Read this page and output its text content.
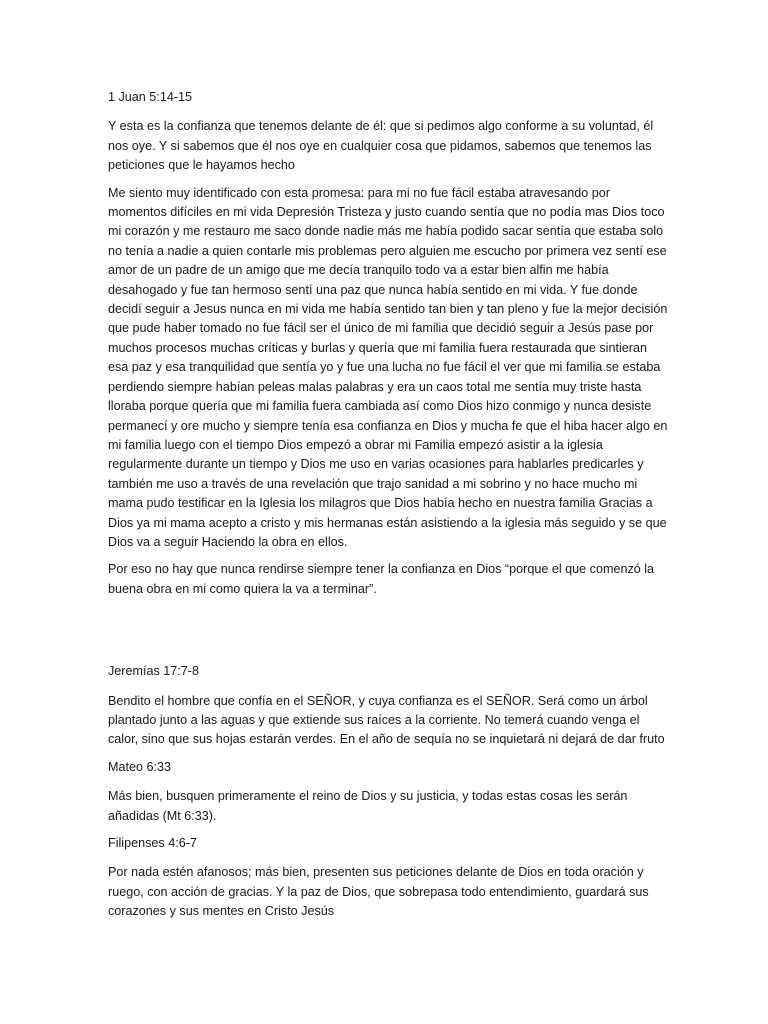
1 Juan 5:14-15

Y esta es la confianza que tenemos delante de él: que si pedimos algo conforme a su voluntad, él nos oye. Y si sabemos que él nos oye en cualquier cosa que pidamos, sabemos que tenemos las peticiones que le hayamos hecho

Me siento muy identificado con esta promesa: para mi no fue fácil estaba atravesando por momentos difíciles en mi vida Depresión Tristeza y justo cuando sentía que no podía mas Dios toco mi corazón y me restauro me saco donde nadie más me había podido sacar sentía que estaba solo no tenía a nadie a quien contarle mis problemas pero alguien me escucho por primera vez sentí ese amor de un padre de un amigo que me decía tranquilo todo va a estar bien alfin me había desahogado y fue tan hermoso sentí una paz que nunca había sentido en mi vida. Y fue donde decidí seguir a Jesus nunca en mi vida me había sentido tan bien y tan pleno y fue la mejor decisión que pude haber tomado no fue fácil ser el único de mi familia que decidió seguir a Jesús pase por muchos procesos muchas críticas y burlas y quería que mi familia fuera restaurada que sintieran esa paz y esa tranquilidad que sentía yo y fue una lucha no fue fácil el ver que mi familia se estaba perdiendo siempre habían peleas malas palabras y era un caos total me sentía muy triste hasta lloraba porque quería que mi familia fuera cambiada así como Dios hizo conmigo y nunca desiste permanecí y ore mucho y siempre tenía esa confianza en Dios y mucha fe que el hiba hacer algo en mi familia luego con el tiempo Dios empezó a obrar mi Familia empezó asistir a la iglesia regularmente durante un tiempo y Dios me uso en varias ocasiones para hablarles predicarles y también me uso a través de una revelación que trajo sanidad a mi sobrino y no hace mucho mi mama pudo testificar en la Iglesia los milagros que Dios había hecho en nuestra familia Gracias a Dios ya mi mama acepto a cristo y mis hermanas están asistiendo a la iglesia más seguido y se que Dios va a seguir Haciendo la obra en ellos.

Por eso no hay que nunca rendirse siempre tener la confianza en Dios “porque el que comenzó la buena obra en mi como quiera la va a terminar”.

Jeremías 17:7-8

Bendito el hombre que confía en el SEÑOR, y cuya confianza es el SEÑOR. Será como un árbol plantado junto a las aguas y que extiende sus raíces a la corriente. No temerá cuando venga el calor, sino que sus hojas estarán verdes. En el año de sequía no se inquietará ni dejará de dar fruto

Mateo 6:33

Más bien, busquen primeramente el reino de Dios y su justicia, y todas estas cosas les serán añadidas (Mt 6:33).

Filipenses 4:6-7

Por nada estén afanosos; más bien, presenten sus peticiones delante de Dios en toda oración y ruego, con acción de gracias. Y la paz de Dios, que sobrepasa todo entendimiento, guardará sus corazones y sus mentes en Cristo Jesús
